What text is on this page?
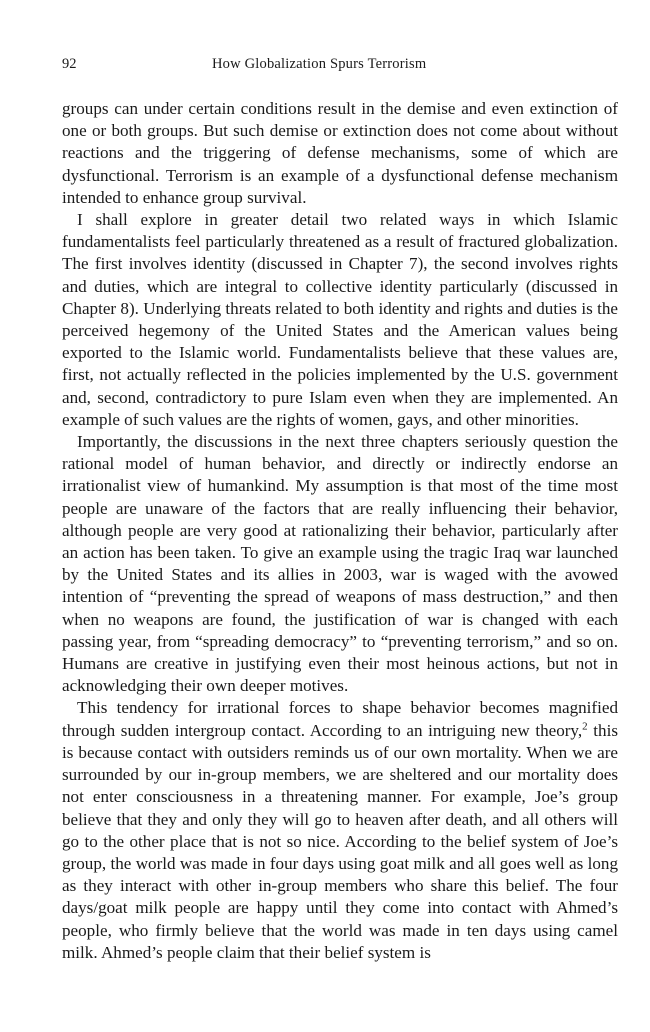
92	How Globalization Spurs Terrorism

groups can under certain conditions result in the demise and even extinction of one or both groups. But such demise or extinction does not come about without reactions and the triggering of defense mechanisms, some of which are dysfunctional. Terrorism is an example of a dysfunctional defense mechanism intended to enhance group survival.

I shall explore in greater detail two related ways in which Islamic fundamentalists feel particularly threatened as a result of fractured globalization. The first involves identity (discussed in Chapter 7), the second involves rights and duties, which are integral to collective identity particularly (discussed in Chapter 8). Underlying threats related to both identity and rights and duties is the perceived hegemony of the United States and the American values being exported to the Islamic world. Fundamentalists believe that these values are, first, not actually reflected in the policies implemented by the U.S. government and, second, contradictory to pure Islam even when they are implemented. An example of such values are the rights of women, gays, and other minorities.

Importantly, the discussions in the next three chapters seriously question the rational model of human behavior, and directly or indirectly endorse an irrationalist view of humankind. My assumption is that most of the time most people are unaware of the factors that are really influencing their behavior, although people are very good at rationalizing their behavior, particularly after an action has been taken. To give an example using the tragic Iraq war launched by the United States and its allies in 2003, war is waged with the avowed intention of “preventing the spread of weapons of mass destruction,” and then when no weapons are found, the justification of war is changed with each passing year, from “spreading democracy” to “preventing terrorism,” and so on. Humans are creative in justifying even their most heinous actions, but not in acknowledging their own deeper motives.

This tendency for irrational forces to shape behavior becomes magnified through sudden intergroup contact. According to an intriguing new theory,$^2$ this is because contact with outsiders reminds us of our own mortality. When we are surrounded by our in-group members, we are sheltered and our mortality does not enter consciousness in a threatening manner. For example, Joe’s group believe that they and only they will go to heaven after death, and all others will go to the other place that is not so nice. According to the belief system of Joe’s group, the world was made in four days using goat milk and all goes well as long as they interact with other in-group members who share this belief. The four days/goat milk people are happy until they come into contact with Ahmed’s people, who firmly believe that the world was made in ten days using camel milk. Ahmed’s people claim that their belief system is
